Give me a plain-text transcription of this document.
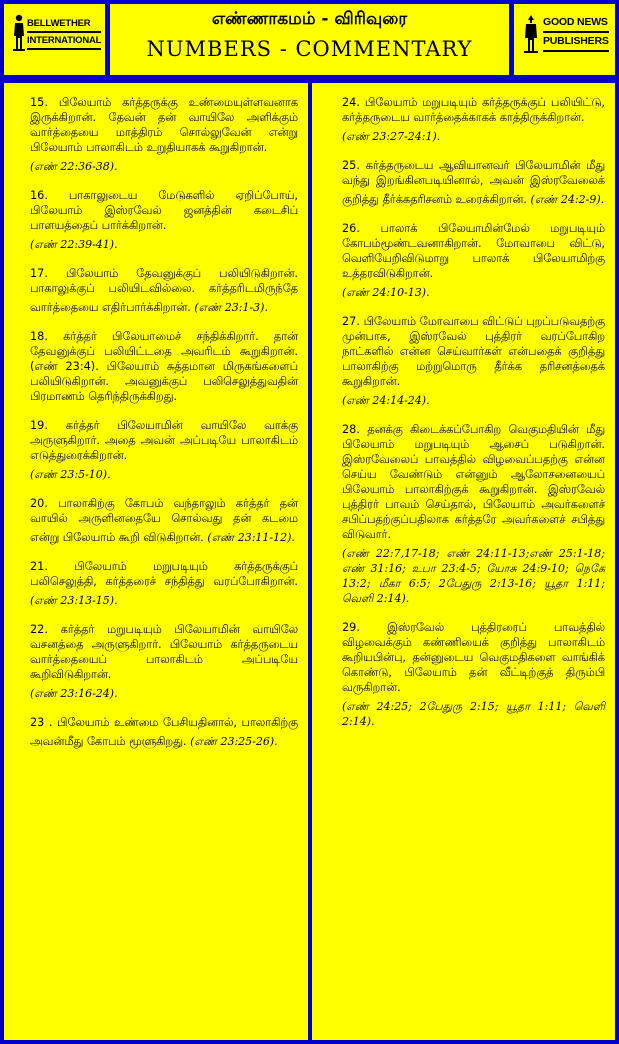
BELLWETHER
INTERNATIONAL
எண்ணாகமம் - விரிவுரை
NUMBERS - COMMENTARY
GOOD NEWS
PUBLISHERS
15. பிலேயாம் கர்த்தருக்கு உண்மையுள்ளவனாக இருக்கிறான். தேவன் தன் வாயிலே அளிக்கும் வார்த்தையை மாத்திரம் சொல்லுவேன் என்று பிலேயாம் பாலாகிடம் உறுதியாகக் கூறுகிறான்.
(எண் 22:36-38).
16. பாகாலுடைய மேடுகளில் ஏறிப்போய், பிலேயாம் இஸ்ரவேல் ஜனத்தின் கடைசிப் பாளயத்தைப் பார்க்கிறான்.
(எண் 22:39-41).
17. பிலேயாம் தேவனுக்குப் பலியிடுகிறான். பாகாலுக்குப் பலியிடவில்லை. கர்த்தரிடமிருந்தே வார்த்தையை எதிர்பார்க்கிறான். (எண் 23:1-3).
18. கர்த்தர் பிலேயாமைச் சந்திக்கிறார். தான் தேவனுக்குப் பலியிட்டதை அவரிடம் கூறுகிறான். (எண் 23:4). பிலேயாம் சுத்தமான மிருகங்களைப் பலியிடுகிறான். அவனுக்குப் பலிசெலுத்துவதின் பிரமாணம் தெரிந்திருக்கிறது.
19. கர்த்தர் பிலேயாமின் வாயிலே வாக்கு அருளுகிறார். அதை அவன் அப்படியே பாலாகிடம் எடுத்துரைக்கிறான்.
(எண் 23:5-10).
20. பாலாகிற்கு கோபம் வந்தாலும் கர்த்தர் தன் வாயில் அருளினதையே சொல்வது தன் கடமை என்று பிலேயாம் கூறி விடுகிறான். (எண் 23:11-12).
21. பிலேயாம் மறுபடியும் கர்த்தருக்குப் பலிசெலுத்தி, கர்த்தரைச் சந்தித்து வரப்போகிறான். (எண் 23:13-15).
22. கர்த்தர் மறுபடியும் பிலேயாமின் வாயிலே வசனத்தை அருளுகிறார். பிலேயாம் கர்த்தருடைய வார்த்தையைப் பாலாகிடம் அப்படியே கூறிவிடுகிறான்.
(எண் 23:16-24).
23 . பிலேயாம் உண்மை பேசியதினால், பாலாகிற்கு அவன்மீது கோபம் மூளுகிறது. (எண் 23:25-26).
24. பிலேயாம் மறுபடியும் கர்த்தருக்குப் பலியிட்டு, கர்த்தருடைய வார்த்தைக்காகக் காத்திருக்கிறான்.
(எண் 23:27-24:1).
25. கர்த்தருடைய ஆவியானவர் பிலேயாமின் மீது வந்து இறங்கினபடியினால், அவன் இஸ்ரவேலைக் குறித்து தீர்க்கதரிசனம் உரைக்கிறான். (எண் 24:2-9).
26. பாலாக் பிலேயாமின்மேல் மறுபடியும் கோபம்மூண்டவனாகிறான். மோவாபை விட்டு, வெளியேறிவிடுமாறு பாலாக் பிலேயாமிற்கு உத்தரவிடுகிறான்.
(எண் 24:10-13).
27. பிலேயாம் மோவாபை விட்டுப் புறப்படுவதற்கு முன்பாக, இஸ்ரவேல் புத்திரர் வரப்போகிற நாட்களில் என்ன செய்வார்கள் என்பதைக் குறித்து பாலாகிற்கு மற்றுமொரு தீர்க்க தரிசனத்தைக் கூறுகிறான்.
(எண் 24:14-24).
28. தனக்கு கிடைக்கப்போகிற வெகுமதியின் மீது பிலேயாம் மறுபடியும் ஆசைப் படுகிறான். இஸ்ரவேலைப் பாவத்தில் விழவைப்பதற்கு என்ன செய்ய வேண்டும் என்னும் ஆலோசனையைப் பிலேயாம் பாலாகிற்குக் கூறுகிறான். இஸ்ரவேல் புத்திரர் பாவம் செய்தால், பிலேயாம் அவர்களைச் சபிப்பதற்குப்பதிலாக கர்த்தரே அவர்களைச் சபித்து விடுவார். (எண் 22:7,17-18; எண் 24:11-13;எண் 25:1-18; எண் 31:16; உபா 23:4-5; யோசு 24:9-10; நெகே 13:2; மீகா 6:5; 2பேதுரு 2:13-16; யூதா 1:11; வெளி 2:14).
29. இஸ்ரவேல் புத்திரரைப் பாவத்தில் விழவைக்கும் கண்ணியைக் குறித்து பாலாகிடம் கூறியபின்பு, தன்னுடைய வெகுமதிகளை வாங்கிக் கொண்டு, பிலேயாம் தன் வீட்டிற்குத் திரும்பி வருகிறான். (எண் 24:25; 2பேதுரு 2:15; யூதா 1:11; வெளி 2:14).
